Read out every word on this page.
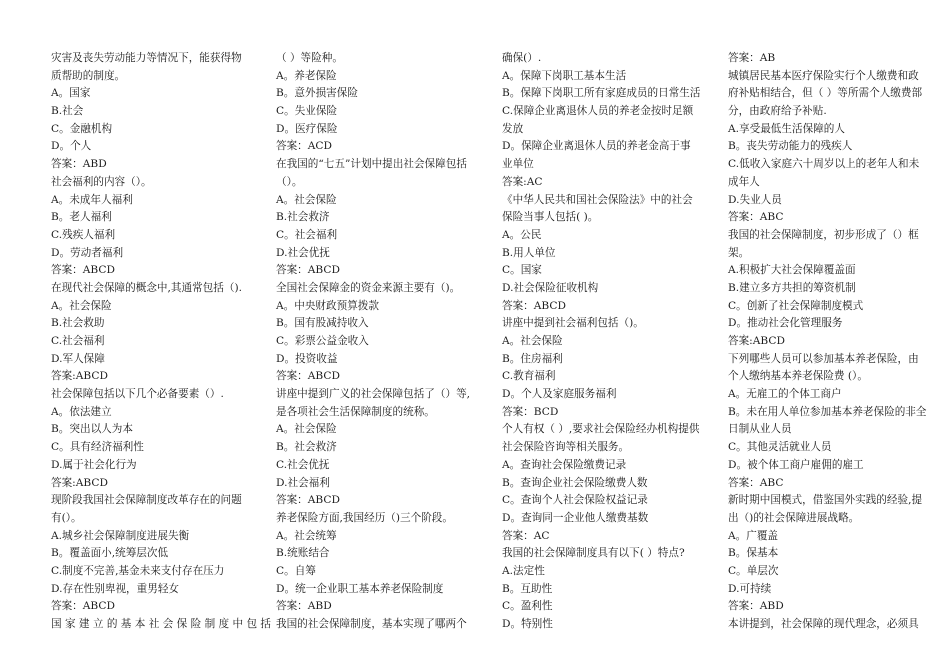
灾害及丧失劳动能力等情况下，能获得物
质帮助的制度。
A。国家
B.社会
C。金融机构
D。个人
答案：ABD
社会福利的内容（）。
A。未成年人福利
B。老人福利
C.残疾人福利
D。劳动者福利
答案：ABCD
在现代社会保障的概念中,其通常包括（).
A。社会保险
B.社会救助
C.社会福利
D.军人保障
答案:ABCD
社会保障包括以下几个必备要素（）.
A。依法建立
B。突出以人为本
C。具有经济福利性
D.属于社会化行为
答案:ABCD
现阶段我国社会保障制度改革存在的问题
有(）。
A.城乡社会保障制度进展失衡
B。覆盖面小,统筹层次低
C.制度不完善,基金未来支付存在压力
D.存在性别卑视，重男轻女
答案：ABCD
国 家 建 立 的 基 本 社 会 保 险 制 度 中 包 括
（ ）等险种。
A。养老保险
B。意外损害保险
C。失业保险
D。医疗保险
答案：ACD
在我国的“七五”计划中提出社会保障包括
（）。
A。社会保险
B.社会救济
C。社会福利
D.社会优抚
答案：ABCD
全国社会保障金的资金来源主要有（)。
A。中央财政预算拨款
B。国有股减持收入
C。彩票公益金收入
D。投资收益
答案：ABCD
讲座中提到广义的社会保障包括了（）等,
是各项社会生活保障制度的统称。
A。社会保险
B。社会救济
C.社会优抚
D.社会福利
答案：ABCD
养老保险方面,我国经历（)三个阶段。
A。社会统筹
B.统账结合
C。自筹
D。统一企业职工基本养老保险制度
答案：ABD
我国的社会保障制度，基本实现了哪两个
确保(）.
A。保障下岗职工基本生活
B。保障下岗职工所有家庭成员的日常生活
C.保障企业离退休人员的养老金按时足额
发放
D。保障企业离退休人员的养老金高于事
业单位
答案:AC
《中华人民共和国社会保险法》中的社会
保险当事人包括( )。
A。公民
B.用人单位
C。国家
D.社会保险征收机构
答案：ABCD
讲座中提到社会福利包括（)。
A。社会保险
B。住房福利
C.教育福利
D。个人及家庭服务福利
答案：BCD
个人有权（ ）,要求社会保险经办机构提供
社会保险咨询等相关服务。
A。查询社会保险缴费记录
B。查询企业社会保险缴费人数
C。查询个人社会保险权益记录
D。查询同一企业他人缴费基数
答案：AC
我国的社会保障制度具有以下( ）特点?
A.法定性
B。互助性
C。盈利性
D。特别性
答案：AB
城镇居民基本医疗保险实行个人缴费和政
府补贴相结合，但（ ）等所需个人缴费部
分，由政府给予补贴.
A.享受最低生活保障的人
B。丧失劳动能力的残疾人
C.低收入家庭六十周岁以上的老年人和未
成年人
D.失业人员
答案：ABC
我国的社会保障制度，初步形成了（）框
架。
A.积极扩大社会保障覆盖面
B.建立多方共担的筹资机制
C。创新了社会保障制度模式
D。推动社会化管理服务
答案:ABCD
下列哪些人员可以参加基本养老保险，由
个人缴纳基本养老保险费 (）。
A。无雇工的个体工商户
B。未在用人单位参加基本养老保险的非全
日制从业人员
C。其他灵活就业人员
D。被个体工商户雇佣的雇工
答案：ABC
新时期中国模式，借鉴国外实践的经验,提
出（)的社会保障进展战略。
A。广覆盖
B。保基本
C。单层次
D.可持续
答案：ABD
本讲提到，社会保障的现代理念，必须具
